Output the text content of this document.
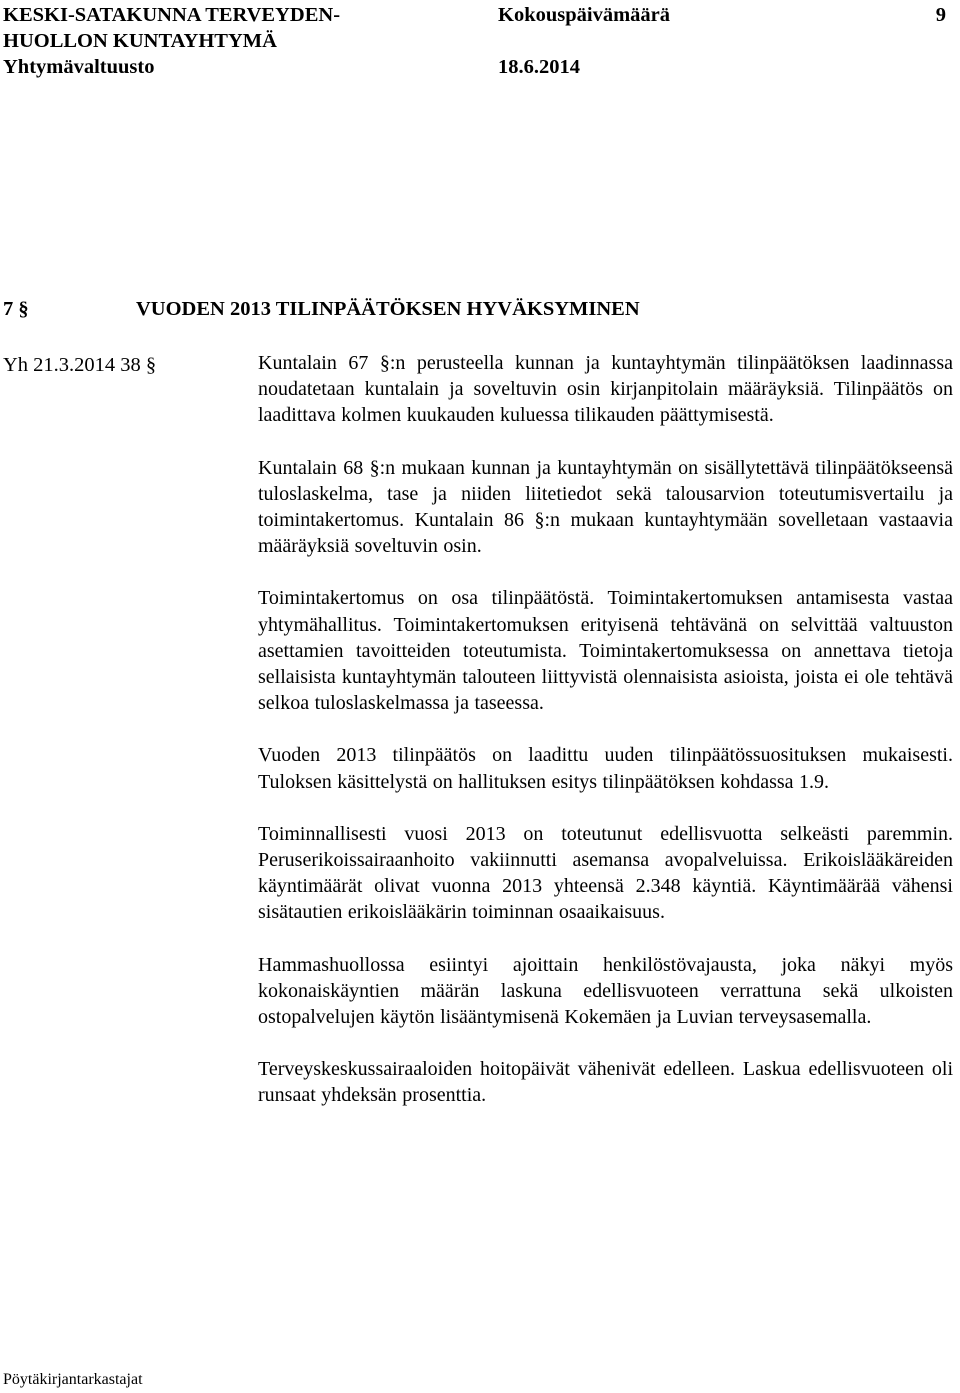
KESKI-SATAKUNNA TERVEYDEN-
HUOLLON KUNTAYHTYMÄ
Yhtymävaltuusto
Kokouspäivämäärä	9
18.6.2014
7 §	VUODEN 2013 TILINPÄÄTÖKSEN HYVÄKSYMINEN
Yh 21.3.2014 38 §	Kuntalain 67 §:n perusteella kunnan ja kuntayhtymän tilinpäätöksen laadinnassa noudatetaan kuntalain ja soveltuvin osin kirjanpitolain määräyksiä. Tilinpäätös on laadittava kolmen kuukauden kuluessa tilikauden päättymisestä.

Kuntalain 68 §:n mukaan kunnan ja kuntayhtymän on sisällytettävä tilinpäätökseensä tuloslaskelma, tase ja niiden liitetiedot sekä talousarvion toteutumisvertailu ja toimintakertomus. Kuntalain 86 §:n mukaan kuntayhtymään sovelletaan vastaavia määräyksiä soveltuvin osin.

Toimintakertomus on osa tilinpäätöstä. Toimintakertomuksen antamisesta vastaa yhtymähallitus. Toimintakertomuksen erityisenä tehtävänä on selvittää valtuuston asettamien tavoitteiden toteutumista. Toimintakertomuksessa on annettava tietoja sellaisista kuntayhtymän talouteen liittyvistä olennaisista asioista, joista ei ole tehtävä selkoa tuloslaskelmassa ja taseessa.

Vuoden 2013 tilinpäätös on laadittu uuden tilinpäätössuosituksen mukaisesti. Tuloksen käsittelystä on hallituksen esitys tilinpäätöksen kohdassa 1.9.

Toiminnallisesti vuosi 2013 on toteutunut edellisvuotta selkeästi paremmin. Peruserikoissairaanhoito vakiinnutti asemansa avopalveluissa. Erikoislääkäreiden käyntimäärät olivat vuonna 2013 yhteensä 2.348 käyntiä. Käyntimäärää vähensi sisätautien erikoislääkärin toiminnan osaaikaisuus.

Hammashuollossa esiintyi ajoittain henkilöstövajausta, joka näkyi myös kokonaiskäyntien määrän laskuna edellisvuoteen verrattuna sekä ulkoisten ostopalvelujen käytön lisääntymisenä Kokemäen ja Luvian terveysasemalla.

Terveyskeskussairaaloiden hoitopäivät vähenivät edelleen. Laskua edellisvuoteen oli runsaat yhdeksän prosenttia.

Pöytäkirjantarkastajat
